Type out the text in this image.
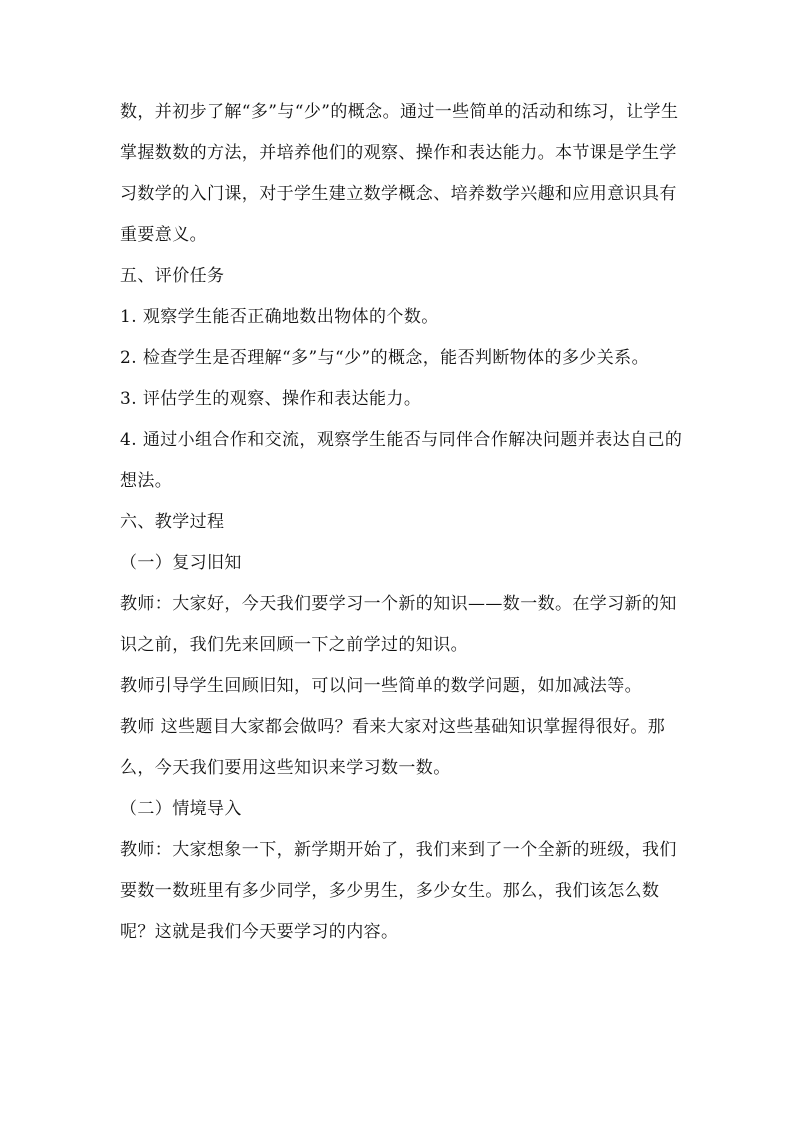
数，并初步了解“多”与“少”的概念。通过一些简单的活动和练习，让学生掌握数数的方法，并培养他们的观察、操作和表达能力。本节课是学生学习数学的入门课，对于学生建立数学概念、培养数学兴趣和应用意识具有重要意义。

五、评价任务

1. 观察学生能否正确地数出物体的个数。

2. 检查学生是否理解“多”与“少”的概念，能否判断物体的多少关系。

3. 评估学生的观察、操作和表达能力。

4. 通过小组合作和交流，观察学生能否与同伴合作解决问题并表达自己的想法。

六、教学过程

（一）复习旧知

教师：大家好，今天我们要学习一个新的知识——数一数。在学习新的知识之前，我们先来回顾一下之前学过的知识。

教师引导学生回顾旧知，可以问一些简单的数学问题，如加减法等。

教师 这些题目大家都会做吗？看来大家对这些基础知识掌握得很好。那么，今天我们要用这些知识来学习数一数。

（二）情境导入

教师：大家想象一下，新学期开始了，我们来到了一个全新的班级，我们要数一数班里有多少同学，多少男生，多少女生。那么，我们该怎么数呢？这就是我们今天要学习的内容。
